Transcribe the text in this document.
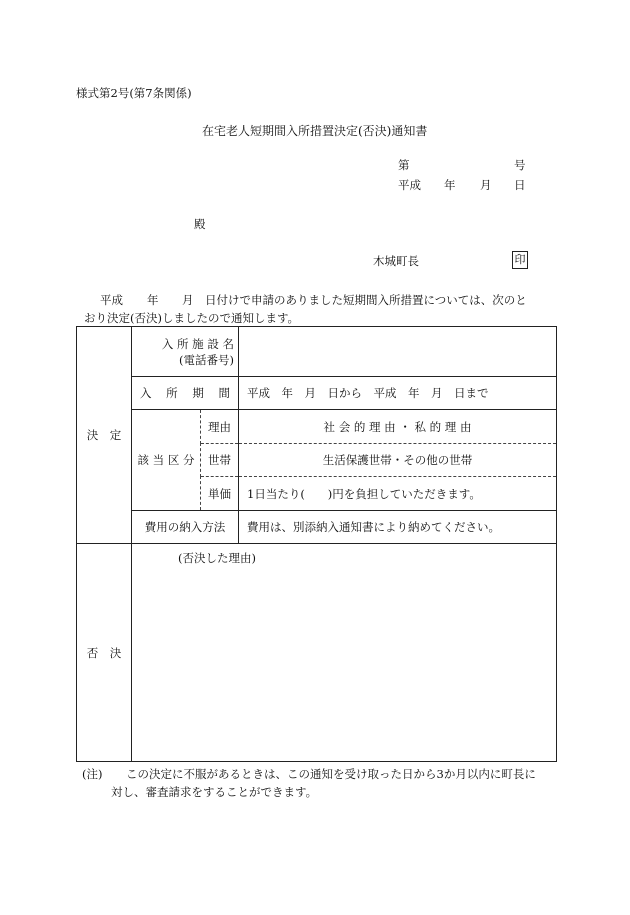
様式第2号(第7条関係)
在宅老人短期間入所措置決定(否決)通知書
第	号
平成 年 月 日
殿
木城町長	印
平成 年 月 日付けで申請のありました短期間入所措置については、次のと
おり決定(否決)しましたので通知します。
決　定	入 所 施 設 名
(電話番号)		

	入 所 期 間		平成　年　月　日から　平成　年　月　日まで
	該 当 区 分	理由	社 会 的 理 由 ・ 私 的 理 由
		世帯	生活保護世帯・その他の世帯
		単価	1日当たり(　　)円を負担していただきます。
	費用の納入方法		費用は、別添納入通知書により納めてください。
否　決	(否決した理由)		
(注) この決定に不服があるときは、この通知を受け取った日から3か月以内に町長に
対し、審査請求をすることができます。
